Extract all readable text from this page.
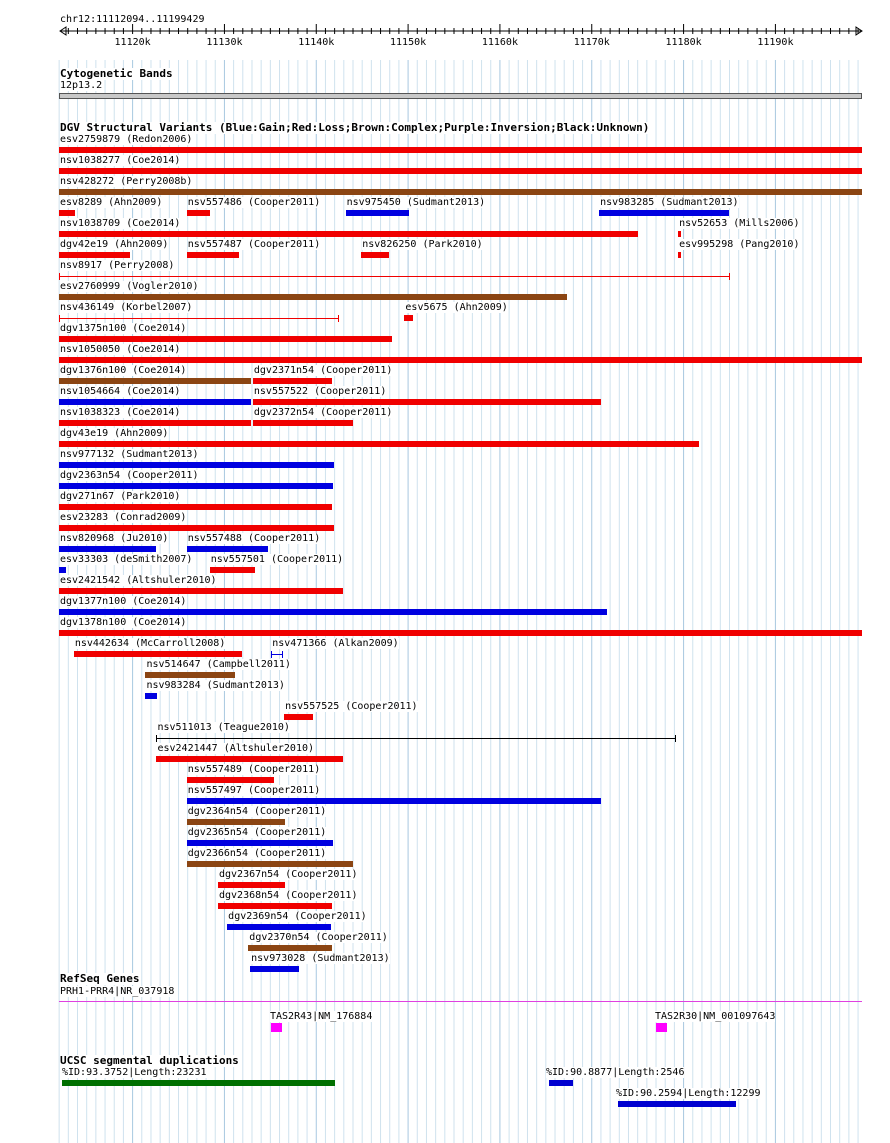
chr12:11112094..11199429
11120k	11130k	11140k	11150k	11160k	11170k	11180k	11190k
Cytogenetic Bands
12p13.2
DGV Structural Variants (Blue:Gain;Red:Loss;Brown:Complex;Purple:Inversion;Black:Unknown)
esv2759879 (Redon2006)
nsv1038277 (Coe2014)
nsv428272 (Perry2008b)
esv8289 (Ahn2009)	nsv557486 (Cooper2011)	nsv975450 (Sudmant2013)	nsv983285 (Sudmant2013)
nsv1038709 (Coe2014)	nsv52653 (Mills2006)
dgv42e19 (Ahn2009) nsv557487 (Cooper2011)	nsv826250 (Park2010)	esv995298 (Pang2010)
nsv8917 (Perry2008)
esv2760999 (Vogler2010)
nsv436149 (Korbel2007)	esv5675 (Ahn2009)
dgv1375n100 (Coe2014)
nsv1050050 (Coe2014)
dgv1376n100 (Coe2014)	dgv2371n54 (Cooper2011)
nsv1054664 (Coe2014)	nsv557522 (Cooper2011)
nsv1038323 (Coe2014)	dgv2372n54 (Cooper2011)
dgv43e19 (Ahn2009)
nsv977132 (Sudmant2013)
dgv2363n54 (Cooper2011)
dgv271n67 (Park2010)
esv23283 (Conrad2009)
nsv820968 (Ju2010) nsv557488 (Cooper2011)
esv33303 (deSmith2007) nsv557501 (Cooper2011)
esv2421542 (Altshuler2010)
dgv1377n100 (Coe2014)
dgv1378n100 (Coe2014)
nsv442634 (McCarroll2008)	nsv471366 (Alkan2009)
nsv514647 (Campbell2011)
nsv983284 (Sudmant2013)
nsv557525 (Cooper2011)
nsv511013 (Teague2010)
esv2421447 (Altshuler2010)
nsv557489 (Cooper2011)
nsv557497 (Cooper2011)
dgv2364n54 (Cooper2011)
dgv2365n54 (Cooper2011)
dgv2366n54 (Cooper2011)
dgv2367n54 (Cooper2011)
dgv2368n54 (Cooper2011)
dgv2369n54 (Cooper2011)
dgv2370n54 (Cooper2011)
nsv973028 (Sudmant2013)
RefSeq Genes
PRH1-PRR4|NR_037918
TAS2R43|NM_176884	TAS2R30|NM_001097643
UCSC segmental duplications
%ID:93.3752|Length:23231	%ID:90.8877|Length:2546
%ID:90.2594|Length:12299
